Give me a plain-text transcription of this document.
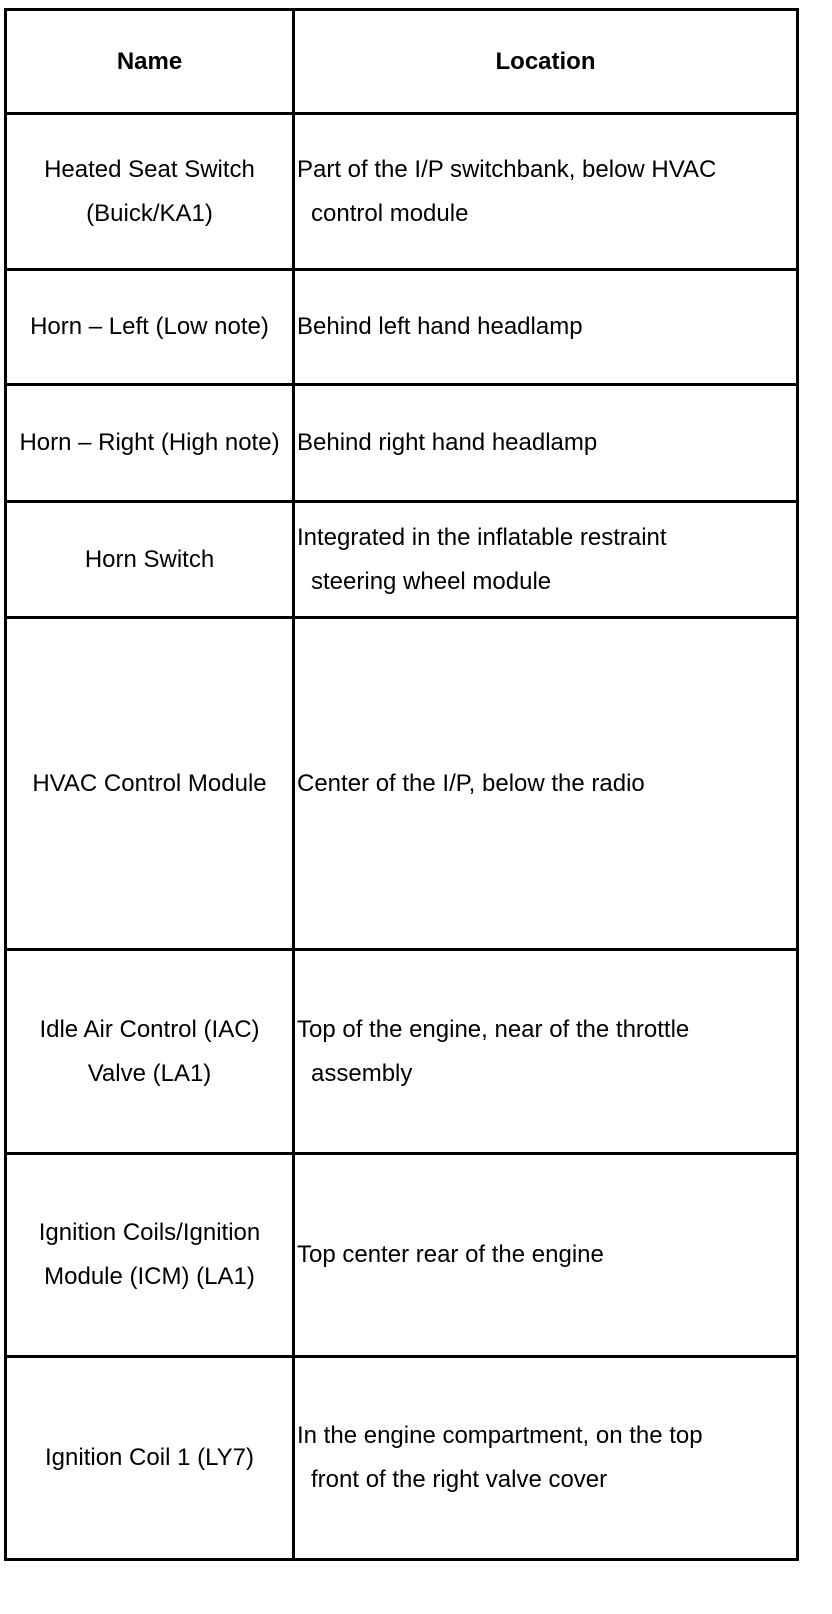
Name	Location

Heated Seat Switch
(Buick/KA1)	Part of the I/P switchbank, below HVAC
control module

Horn – Left (Low note)	Behind left hand headlamp

Horn – Right (High note)	Behind right hand headlamp

Horn Switch	Integrated in the inflatable restraint
steering wheel module

HVAC Control Module	Center of the I/P, below the radio

Idle Air Control (IAC)
Valve (LA1)	Top of the engine, near of the throttle
assembly

Ignition Coils/Ignition
Module (ICM) (LA1)	Top center rear of the engine

Ignition Coil 1 (LY7)	In the engine compartment, on the top
front of the right valve cover
